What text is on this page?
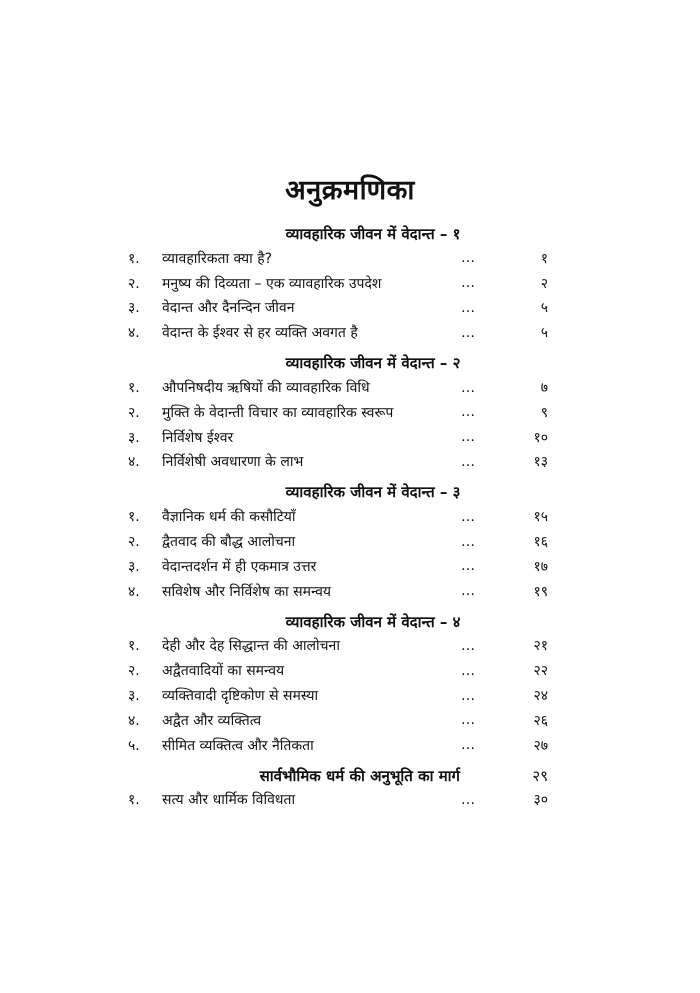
अनुक्रमणिका
व्यावहारिक जीवन में वेदान्त – १
१.	व्यावहारिकता क्या है?	…	१
२.	मनुष्य की दिव्यता – एक व्यावहारिक उपदेश	…	२
३.	वेदान्त और दैनन्दिन जीवन	…	५
४.	वेदान्त के ईश्वर से हर व्यक्ति अवगत है	…	५
व्यावहारिक जीवन में वेदान्त – २
१.	औपनिषदीय ऋषियों की व्यावहारिक विधि	…	७
२.	मुक्ति के वेदान्ती विचार का व्यावहारिक स्वरूप	…	९
३.	निर्विशेष ईश्वर	…	१०
४.	निर्विशेषी अवधारणा के लाभ	…	१३
व्यावहारिक जीवन में वेदान्त – ३
१.	वैज्ञानिक धर्म की कसौटियाँ	…	१५
२.	द्वैतवाद की बौद्ध आलोचना	…	१६
३.	वेदान्तदर्शन में ही एकमात्र उत्तर	…	१७
४.	सविशेष और निर्विशेष का समन्वय	…	१९
व्यावहारिक जीवन में वेदान्त – ४
१.	देही और देह सिद्धान्त की आलोचना	…	२१
२.	अद्वैतवादियों का समन्वय	…	२२
३.	व्यक्तिवादी दृष्टिकोण से समस्या	…	२४
४.	अद्वैत और व्यक्तित्व	…	२६
५.	सीमित व्यक्तित्व और नैतिकता	…	२७
सार्वभौमिक धर्म की अनुभूति का मार्ग	२९
१.	सत्य और धार्मिक विविधता	…	३०
